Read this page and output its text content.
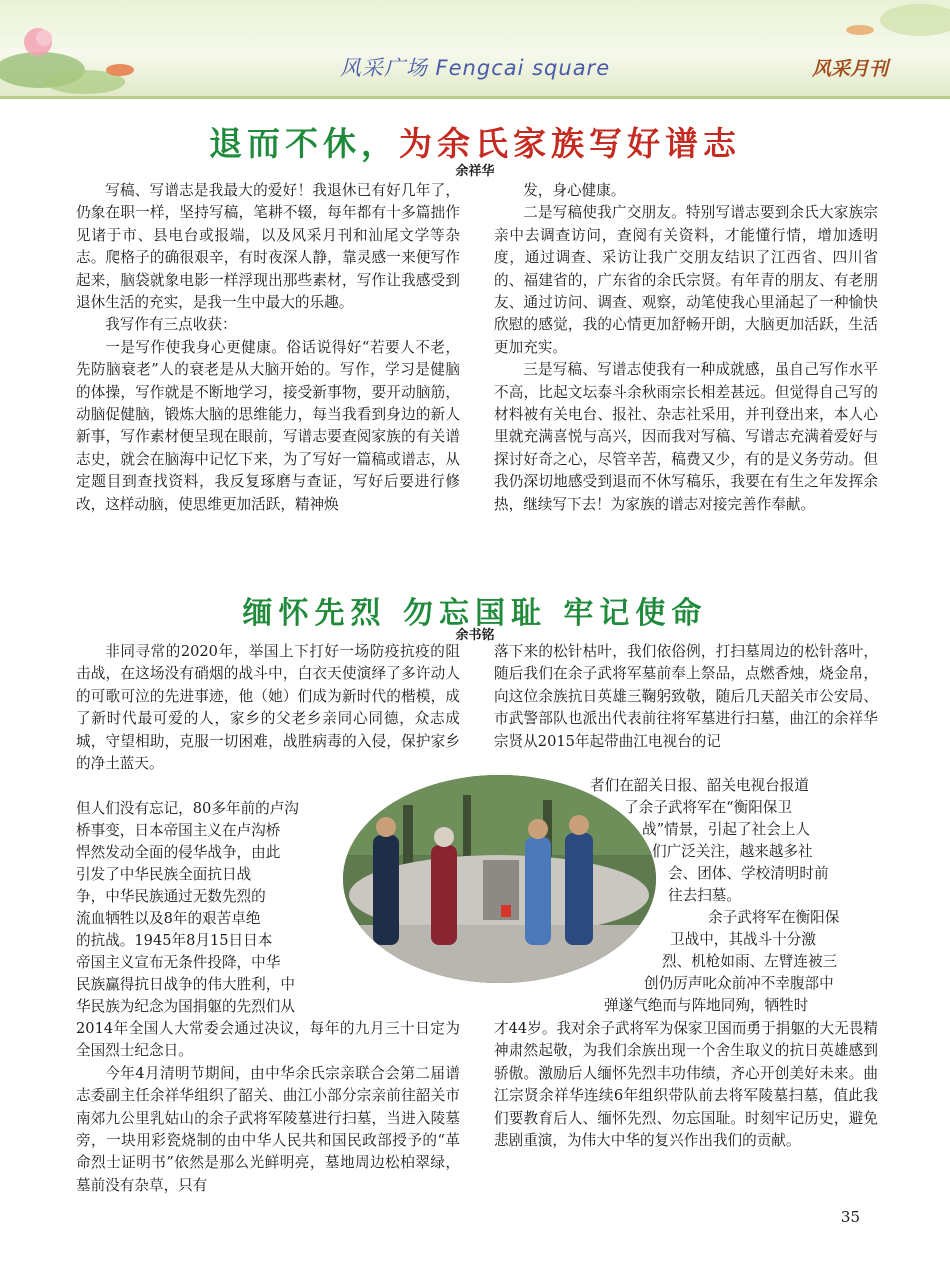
风采广场 Fengcai square	风采月刊
退而不休，为余氏家族写好谱志
余祥华

写稿、写谱志是我最大的爱好！我退休已有好几年了，仍象在职一样，坚持写稿，笔耕不辍，每年都有十多篇拙作见诸于市、县电台或报端，以及风采月刊和汕尾文学等杂志。爬格子的确很艰辛，有时夜深人静，靠灵感一来便写作起来，脑袋就象电影一样浮现出那些素材，写作让我感受到退休生活的充实，是我一生中最大的乐趣。

我写作有三点收获：

一是写作使我身心更健康。俗话说得好“若要人不老，先防脑衰老”人的衰老是从大脑开始的。写作，学习是健脑的体操，写作就是不断地学习，接受新事物，要开动脑筋，动脑促健脑，锻炼大脑的思维能力，每当我看到身边的新人新事，写作素材便呈现在眼前，写谱志要查阅家族的有关谱志史，就会在脑海中记忆下来，为了写好一篇稿或谱志，从定题目到查找资料，我反复琢磨与查证，写好后要进行修改，这样动脑，使思维更加活跃，精神焕

发，身心健康。

二是写稿使我广交朋友。特别写谱志要到余氏大家族宗亲中去调查访问，查阅有关资料，才能懂行情，增加透明度，通过调查、采访让我广交朋友结识了江西省、四川省的、福建省的，广东省的余氏宗贤。有年青的朋友、有老朋友、通过访问、调查、观察，动笔使我心里涌起了一种愉快欣慰的感觉，我的心情更加舒畅开朗，大脑更加活跃，生活更加充实。

三是写稿、写谱志使我有一种成就感，虽自己写作水平不高，比起文坛泰斗余秋雨宗长相差甚远。但觉得自己写的材料被有关电台、报社、杂志社采用，并刊登出来，本人心里就充满喜悦与高兴，因而我对写稿、写谱志充满着爱好与探讨好奇之心，尽管辛苦，稿费又少，有的是义务劳动。但我仍深切地感受到退而不休写稿乐，我要在有生之年发挥余热，继续写下去！为家族的谱志对接完善作奉献。

缅怀先烈 勿忘国耻 牢记使命
余书铭

非同寻常的2020年，举国上下打好一场防疫抗疫的阻击战，在这场没有硝烟的战斗中，白衣天使演绎了多许动人的可歌可泣的先进事迹，他（她）们成为新时代的楷模，成了新时代最可爱的人，家乡的父老乡亲同心同德，众志成城，守望相助，克服一切困难，战胜病毒的入侵，保护家乡的净土蓝天。

但人们没有忘记，80多年前的卢沟
桥事变，日本帝国主义在卢沟桥
悍然发动全面的侵华战争，由此
引发了中华民族全面抗日战
争，中华民族通过无数先烈的
流血牺牲以及8年的艰苦卓绝
的抗战。1945年8月15日日本
帝国主义宣布无条件投降，中华
民族赢得抗日战争的伟大胜利，中
华民族为纪念为国捐躯的先烈们从

2014年全国人大常委会通过决议，每年的九月三十日定为全国烈士纪念日。

今年4月清明节期间，由中华余氏宗亲联合会第二届谱志委副主任余祥华组织了韶关、曲江小部分宗亲前往韶关市南郊九公里乳姑山的余子武将军陵墓进行扫墓，当进入陵墓旁，一块用彩瓷烧制的由中华人民共和国民政部授予的“革命烈士证明书”依然是那么光鲜明亮，墓地周边松柏翠绿，墓前没有杂草，只有

落下来的松针枯叶，我们依俗例，打扫墓周边的松针落叶，随后我们在余子武将军墓前奉上祭品，点燃香烛，烧金帛，向这位余族抗日英雄三鞠躬致敬，随后几天韶关市公安局、市武警部队也派出代表前往将军墓进行扫墓，曲江的余祥华宗贤从2015年起带曲江电视台的记

者们在韶关日报、韶关电视台报道
了余子武将军在“衡阳保卫
战”情景，引起了社会上人
们广泛关注，越来越多社
会、团体、学校清明时前
往去扫墓。
余子武将军在衡阳保
卫战中，其战斗十分激
烈、机枪如雨、左臂连被三
创仍厉声叱众前冲不幸腹部中
弹遂气绝而与阵地同殉，牺牲时

才44岁。我对余子武将军为保家卫国而勇于捐躯的大无畏精神肃然起敬，为我们余族出现一个舍生取义的抗日英雄感到骄傲。激励后人缅怀先烈丰功伟绩，齐心开创美好未来。曲江宗贤余祥华连续6年组织带队前去将军陵墓扫墓，值此我们要教育后人、缅怀先烈、勿忘国耻。时刻牢记历史，避免悲剧重演，为伟大中华的复兴作出我们的贡献。

35
